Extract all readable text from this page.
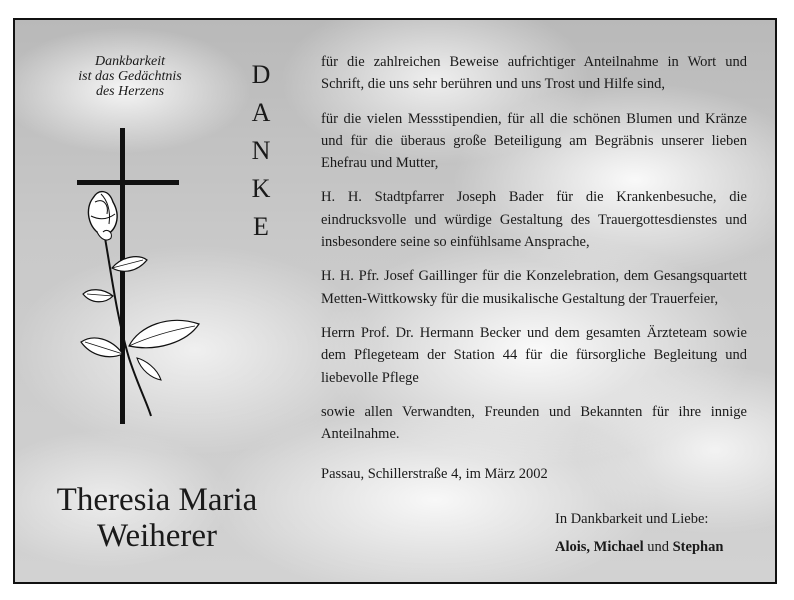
Dankbarkeit
ist das Gedächtnis
des Herzens
D
A
N
K
E
Theresia Maria
Weiherer

für die zahlreichen Beweise aufrichtiger Anteilnahme in Wort und Schrift, die uns sehr berühren und uns Trost und Hilfe sind,

für die vielen Messstipendien, für all die schönen Blumen und Kränze und für die überaus große Beteiligung am Begräbnis unserer lieben Ehefrau und Mutter,

H. H. Stadtpfarrer Joseph Bader für die Krankenbesuche, die eindrucksvolle und würdige Gestaltung des Trauergottesdienstes und insbesondere seine so einfühlsame Ansprache,

H. H. Pfr. Josef Gaillinger für die Konzelebration, dem Gesangsquartett Metten-Wittkowsky für die musikalische Gestaltung der Trauerfeier,

Herrn Prof. Dr. Hermann Becker und dem gesamten Ärzteteam sowie dem Pflegeteam der Station 44 für die fürsorgliche Begleitung und liebevolle Pflege

sowie allen Verwandten, Freunden und Bekannten für ihre innige Anteilnahme.

Passau, Schillerstraße 4, im März 2002

In Dankbarkeit und Liebe:
Alois, Michael und Stephan
